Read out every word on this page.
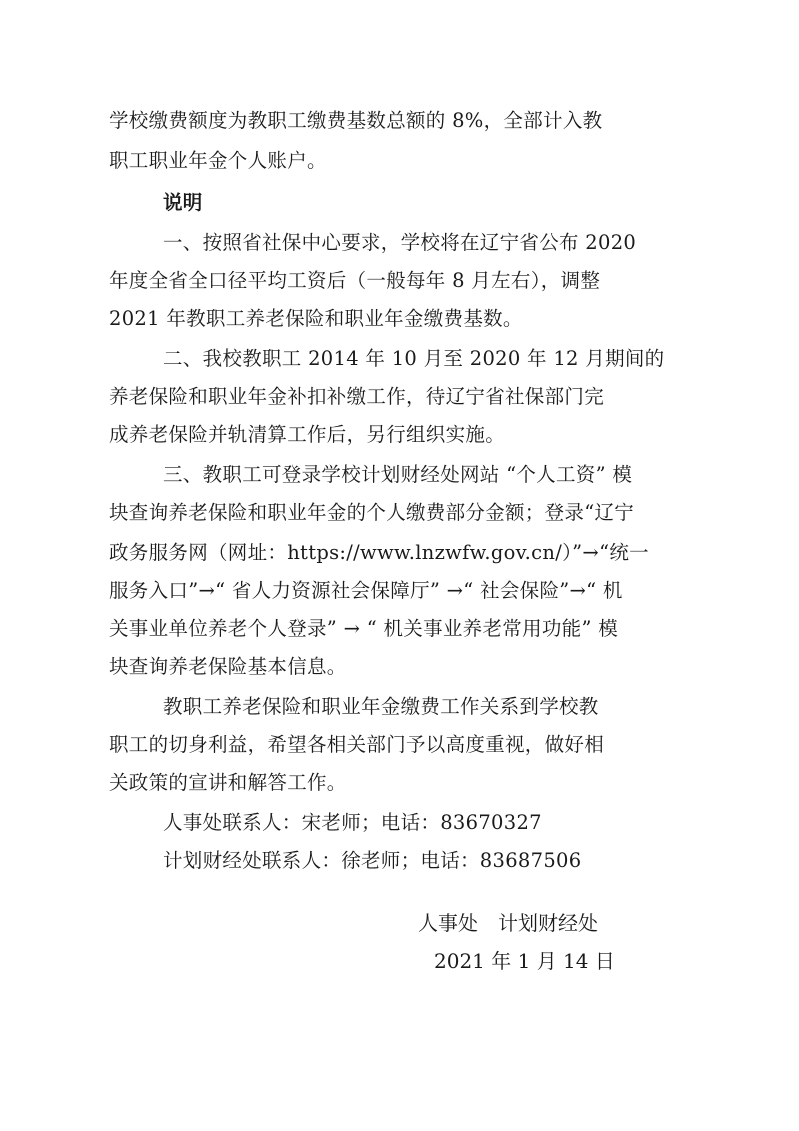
学校缴费额度为教职工缴费基数总额的 8%，全部计入教
职工职业年金个人账户。
说明
一、按照省社保中心要求，学校将在辽宁省公布 2020
年度全省全口径平均工资后（一般每年 8 月左右），调整
2021 年教职工养老保险和职业年金缴费基数。
二、我校教职工 2014 年 10 月至 2020 年 12 月期间的
养老保险和职业年金补扣补缴工作，待辽宁省社保部门完
成养老保险并轨清算工作后，另行组织实施。
三、教职工可登录学校计划财经处网站 “个人工资” 模
块查询养老保险和职业年金的个人缴费部分金额；登录“辽宁
政务服务网（网址：https://www.lnzwfw.gov.cn/）”→“统一
服务入口”→“ 省人力资源社会保障厅” →“ 社会保险”→“ 机
关事业单位养老个人登录” → “ 机关事业养老常用功能” 模
块查询养老保险基本信息。
教职工养老保险和职业年金缴费工作关系到学校教
职工的切身利益，希望各相关部门予以高度重视，做好相
关政策的宣讲和解答工作。
人事处联系人：宋老师；电话：83670327
计划财经处联系人：徐老师；电话：83687506
人事处　计划财经处
2021 年 1 月 14 日
